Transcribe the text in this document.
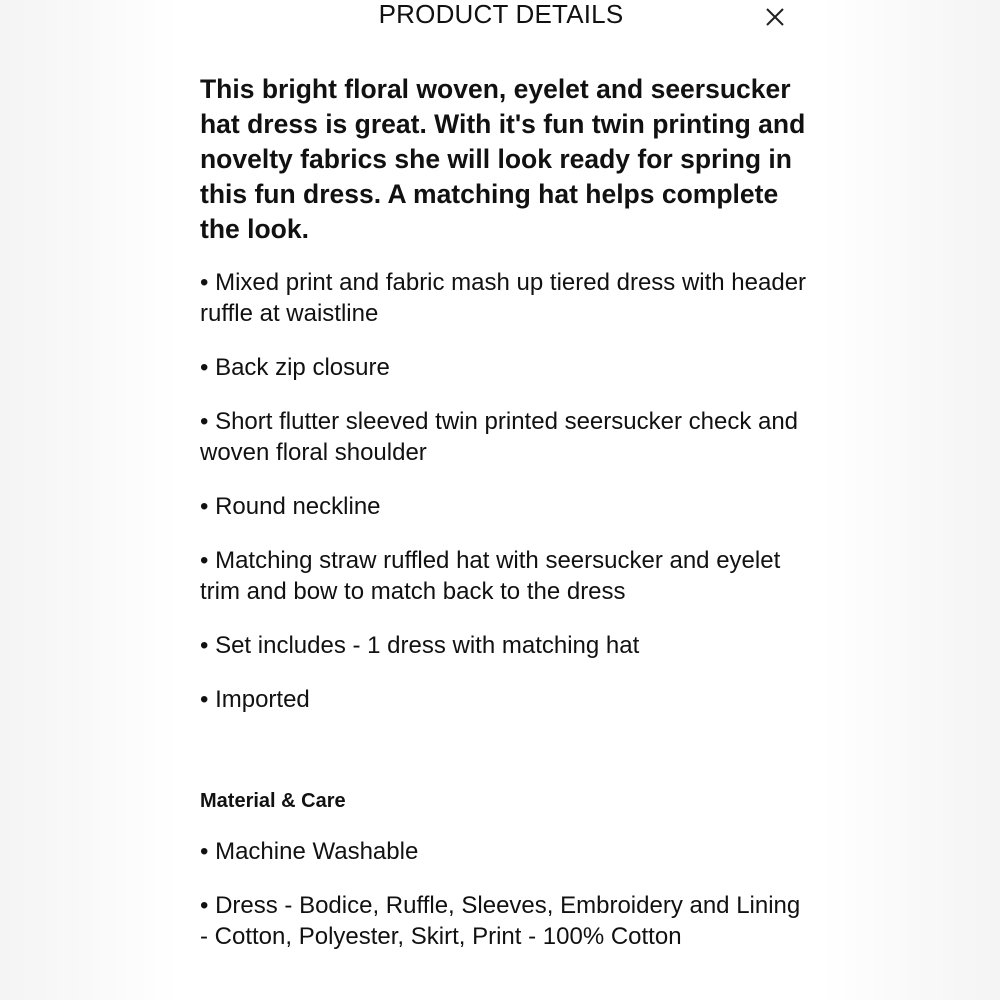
PRODUCT DETAILS

This bright floral woven, eyelet and seersucker hat dress is great. With it's fun twin printing and novelty fabrics she will look ready for spring in this fun dress. A matching hat helps complete the look.

• Mixed print and fabric mash up tiered dress with header ruffle at waistline
• Back zip closure
• Short flutter sleeved twin printed seersucker check and woven floral shoulder
• Round neckline
• Matching straw ruffled hat with seersucker and eyelet trim and bow to match back to the dress
• Set includes - 1 dress with matching hat
• Imported
Material & Care
• Machine Washable
• Dress - Bodice, Ruffle, Sleeves, Embroidery and Lining - Cotton, Polyester, Skirt, Print - 100% Cotton
